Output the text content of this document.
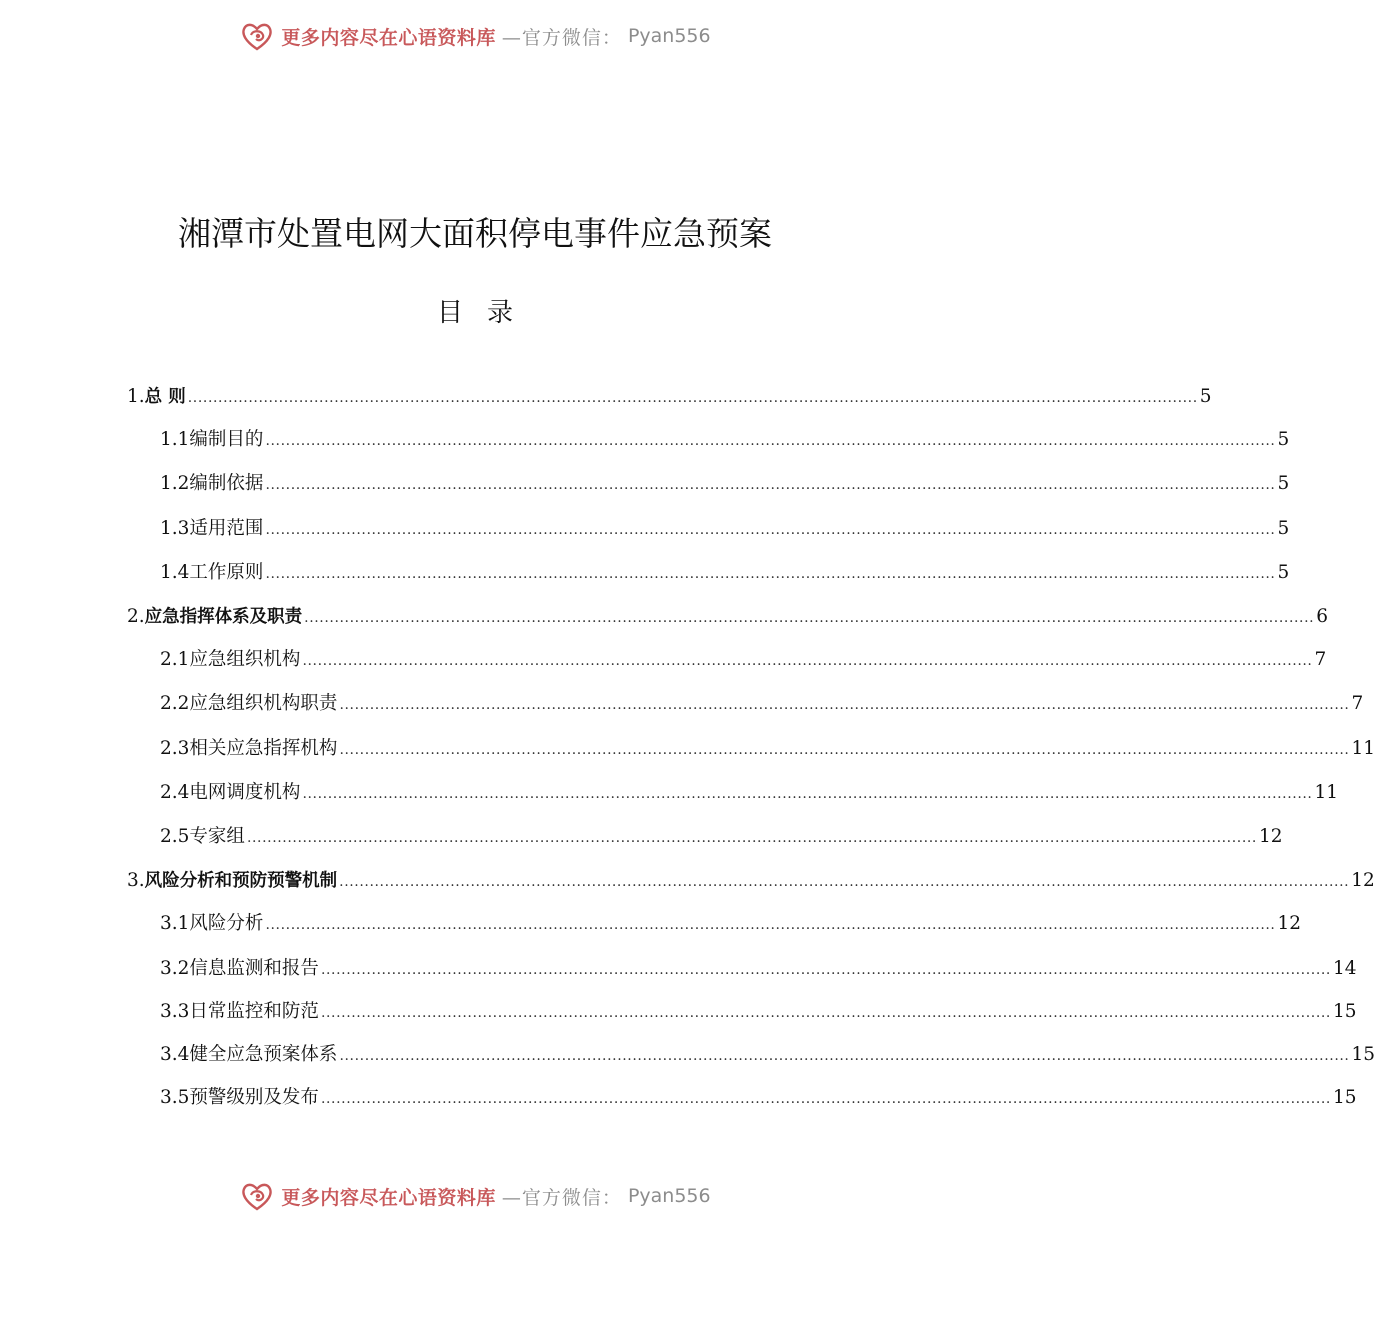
更多内容尽在心语资料库 —官方微信： Pyan556
湘潭市处置电网大面积停电事件应急预案
目录
1. 总 则 ........................................................................................................................................................................................................ 5
1.1 编制目的 ........................................................................................................................................................................................................ 5
1.2 编制依据 ........................................................................................................................................................................................................ 5
1.3 适用范围 ........................................................................................................................................................................................................ 5
1.4 工作原则 ........................................................................................................................................................................................................ 5
2. 应急指挥体系及职责 ........................................................................................................................................................................................................ 6
2.1 应急组织机构 ........................................................................................................................................................................................................ 7
2.2 应急组织机构职责 ........................................................................................................................................................................................................ 7
2.3 相关应急指挥机构 ........................................................................................................................................................................................................ 11
2.4 电网调度机构 ........................................................................................................................................................................................................ 11
2.5 专家组 ........................................................................................................................................................................................................ 12
3. 风险分析和预防预警机制 ........................................................................................................................................................................................................ 12
3.1 风险分析 ........................................................................................................................................................................................................ 12
3.2 信息监测和报告 ........................................................................................................................................................................................................ 14
3.3 日常监控和防范 ........................................................................................................................................................................................................ 15
3.4 健全应急预案体系 ........................................................................................................................................................................................................ 15
3.5 预警级别及发布 ........................................................................................................................................................................................................ 15
更多内容尽在心语资料库 —官方微信： Pyan556
